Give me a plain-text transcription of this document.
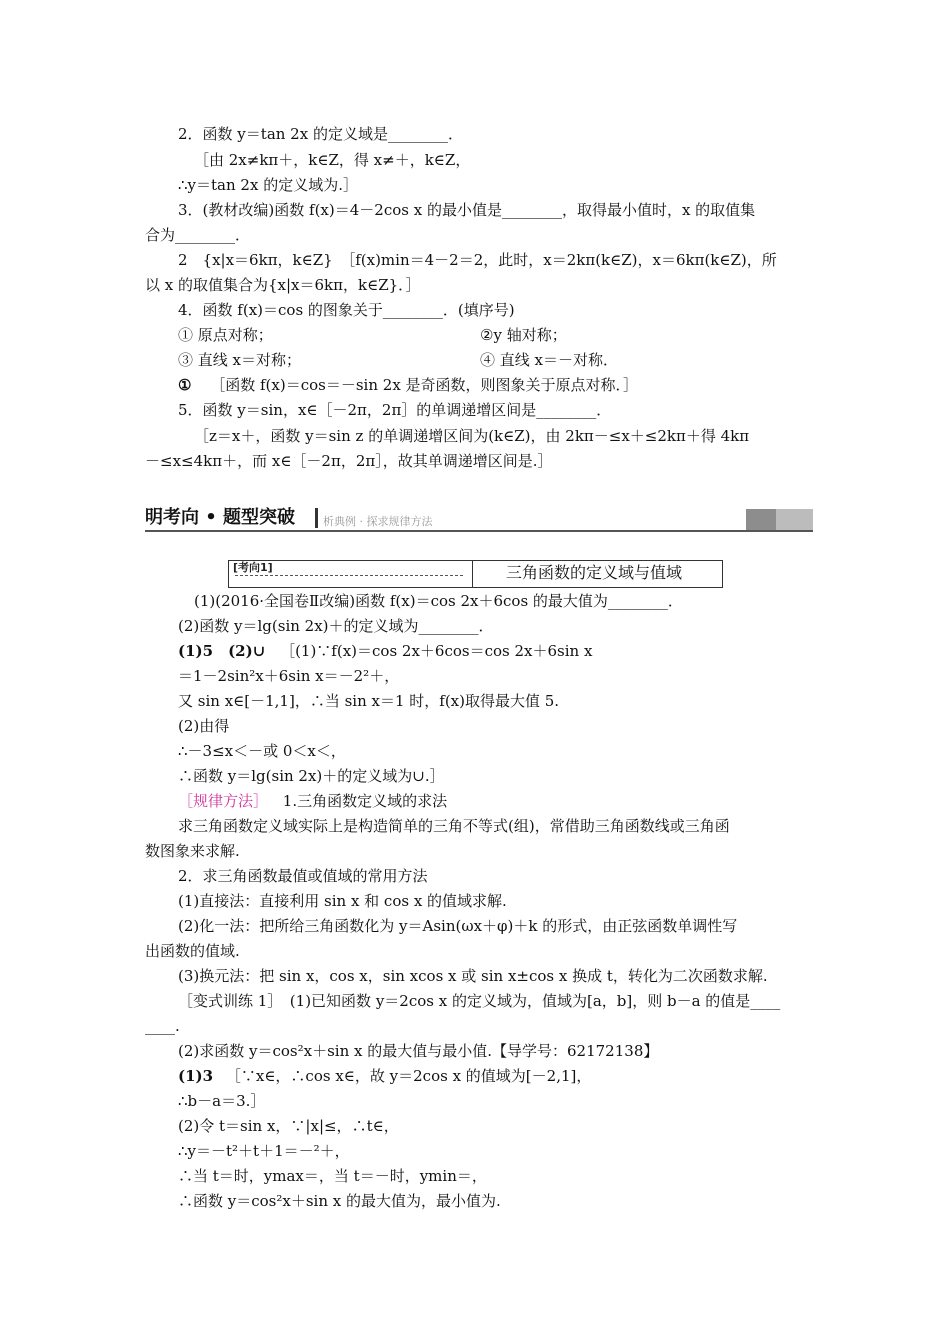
2．函数 y＝tan 2x 的定义域是________．
［由 2x≠kπ＋，k∈Z，得 x≠＋，k∈Z，
∴y＝tan 2x 的定义域为.］
3．(教材改编)函数 f(x)＝4－2cos x 的最小值是________，取得最小值时，x 的取值集
合为________．
2　{x|x＝6kπ，k∈Z}　［f(x)min＝4－2＝2，此时，x＝2kπ(k∈Z)，x＝6kπ(k∈Z)，所
以 x 的取值集合为{x|x＝6kπ，k∈Z}．］
4．函数 f(x)＝cos 的图象关于________．(填序号)
① 原点对称；	②y 轴对称；
③ 直线 x＝对称；	④ 直线 x＝－对称．
① ［函数 f(x)＝cos＝－sin 2x 是奇函数，则图象关于原点对称．］
5．函数 y＝sin，x∈［－2π，2π］的单调递增区间是________．
［z＝x＋，函数 y＝sin z 的单调递增区间为(k∈Z)，由 2kπ－≤x＋≤2kπ＋得 4kπ
－≤x≤4kπ＋，而 x∈［－2π，2π］，故其单调递增区间是.］
明考向 • 题型突破	析典例 · 探求规律方法
[考向1]	三角函数的定义域与值域
(1)(2016·全国卷Ⅱ改编)函数 f(x)＝cos 2x＋6cos 的最大值为________．
(2)函数 y＝lg(sin 2x)＋的定义域为________．
(1)5　(2)∪ ［(1)∵f(x)＝cos 2x＋6cos＝cos 2x＋6sin x
＝1－2sin²x＋6sin x＝－2²＋，
又 sin x∈[－1,1]，∴当 sin x＝1 时，f(x)取得最大值 5.
(2)由得
∴－3≤x＜－或 0＜x＜，
∴函数 y＝lg(sin 2x)＋的定义域为∪.］
［规律方法］ 1.三角函数定义域的求法
求三角函数定义域实际上是构造简单的三角不等式(组)，常借助三角函数线或三角函
数图象来求解.
2．求三角函数最值或值域的常用方法
(1)直接法：直接利用 sin x 和 cos x 的值域求解.
(2)化一法：把所给三角函数化为 y＝Asin(ωx＋φ)＋k 的形式，由正弦函数单调性写
出函数的值域.
(3)换元法：把 sin x，cos x，sin xcos x 或 sin x±cos x 换成 t，转化为二次函数求解.
［变式训练 1］　(1)已知函数 y＝2cos x 的定义域为，值域为[a，b]，则 b－a 的值是____
____.
(2)求函数 y＝cos²x＋sin x 的最大值与最小值.【导学号：62172138】
(1)3 ［∵x∈，∴cos x∈，故 y＝2cos x 的值域为[－2,1]，
∴b－a＝3.］
(2)令 t＝sin x，∵|x|≤，∴t∈，
∴y＝－t²＋t＋1＝－²＋，
∴当 t＝时，ymax＝，当 t＝－时，ymin＝，
∴函数 y＝cos²x＋sin x 的最大值为，最小值为.
